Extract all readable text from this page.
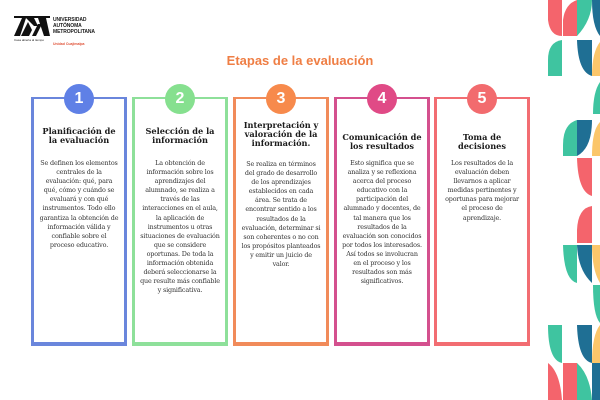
Casa abierta al tiempo
UNIVERSIDAD
AUTÓNOMA
METROPOLITANA
Unidad Cuajimalpa
Etapas de la evaluación
1
Planificación de la evaluación
Se definen los elementos centrales de la evaluación: qué, para qué, cómo y cuándo se evaluará y con qué instrumentos. Todo ello garantiza la obtención de información válida y confiable sobre el proceso educativo.
2
Selección de la información
La obtención de información sobre los aprendizajes del alumnado, se realiza a través de las interacciones en el aula, la aplicación de instrumentos u otras situaciones de evaluación que se considere oportunas. De toda la información obtenida deberá seleccionarse la que resulte más confiable y significativa.
3
Interpretación y valoración de la información.
Se realiza en términos del grado de desarrollo de los aprendizajes establecidos en cada área. Se trata de encontrar sentido a los resultados de la evaluación, determinar si son coherentes o no con los propósitos planteados y emitir un juicio de valor.
4
Comunicación de los resultados
Esto significa que se analiza y se reflexiona acerca del proceso educativo con la participación del alumnado y docentes, de tal manera que los resultados de la evaluación son conocidos por todos los interesados. Así todos se involucran en el proceso y los resultados son más significativos.
5
Toma de decisiones
Los resultados de la evaluación deben llevarnos a aplicar medidas pertinentes y oportunas para mejorar el proceso de aprendizaje.
